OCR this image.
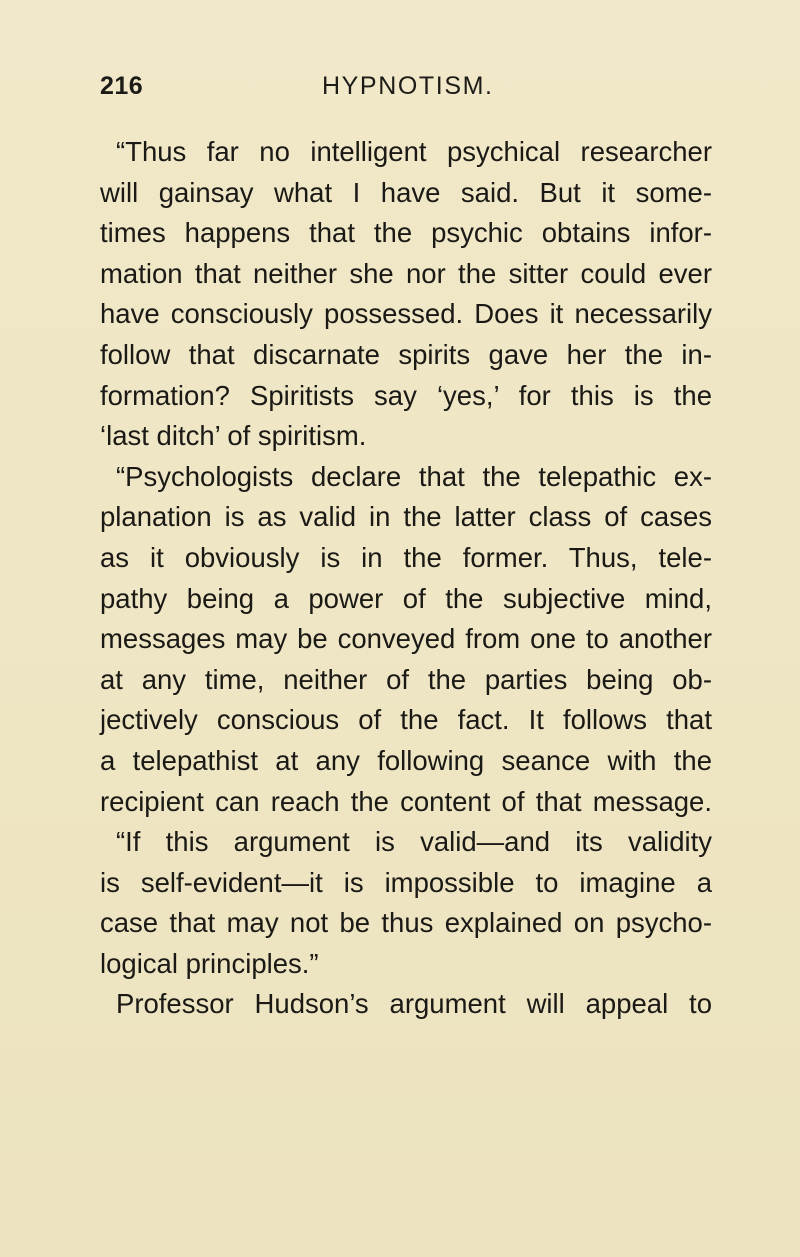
216	HYPNOTISM.
“Thus far no intelligent psychical researcher
will gainsay what I have said. But it some-
times happens that the psychic obtains infor-
mation that neither she nor the sitter could ever
have consciously possessed. Does it necessarily
follow that discarnate spirits gave her the in-
formation? Spiritists say ‘yes,’ for this is the
‘last ditch’ of spiritism.
“Psychologists declare that the telepathic ex-
planation is as valid in the latter class of cases
as it obviously is in the former. Thus, tele-
pathy being a power of the subjective mind,
messages may be conveyed from one to another
at any time, neither of the parties being ob-
jectively conscious of the fact. It follows that
a telepathist at any following seance with the
recipient can reach the content of that message.
“If this argument is valid—and its validity
is self-evident—it is impossible to imagine a
case that may not be thus explained on psycho-
logical principles.”
Professor Hudson’s argument will appeal to
